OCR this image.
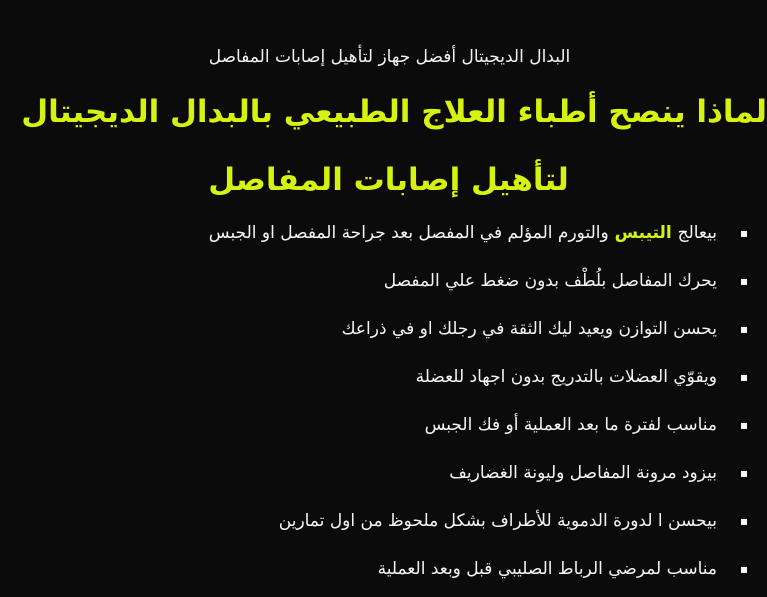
البدال الديجيتال أفضل جهاز لتأهيل إصابات المفاصل
لماذا ينصح أطباء العلاج الطبيعي بالبدال الديجيتال
لتأهيل إصابات المفاصل
بيعالج التيبس والتورم المؤلم في المفصل بعد جراحة المفصل او الجبس
يحرك المفاصل بلُطْف بدون ضغط علي المفصل
يحسن التوازن ويعيد ليك الثقة في رجلك او في ذراعك
ويقوّي العضلات بالتدريج بدون اجهاد للعضلة
مناسب لفترة ما بعد العملية أو فك الجبس
بيزود مرونة المفاصل وليونة الغضاريف
بيحسن ا لدورة الدموية للأطراف بشكل ملحوظ من اول تمارين
مناسب لمرضي الرباط الصليبي قبل وبعد العملية
